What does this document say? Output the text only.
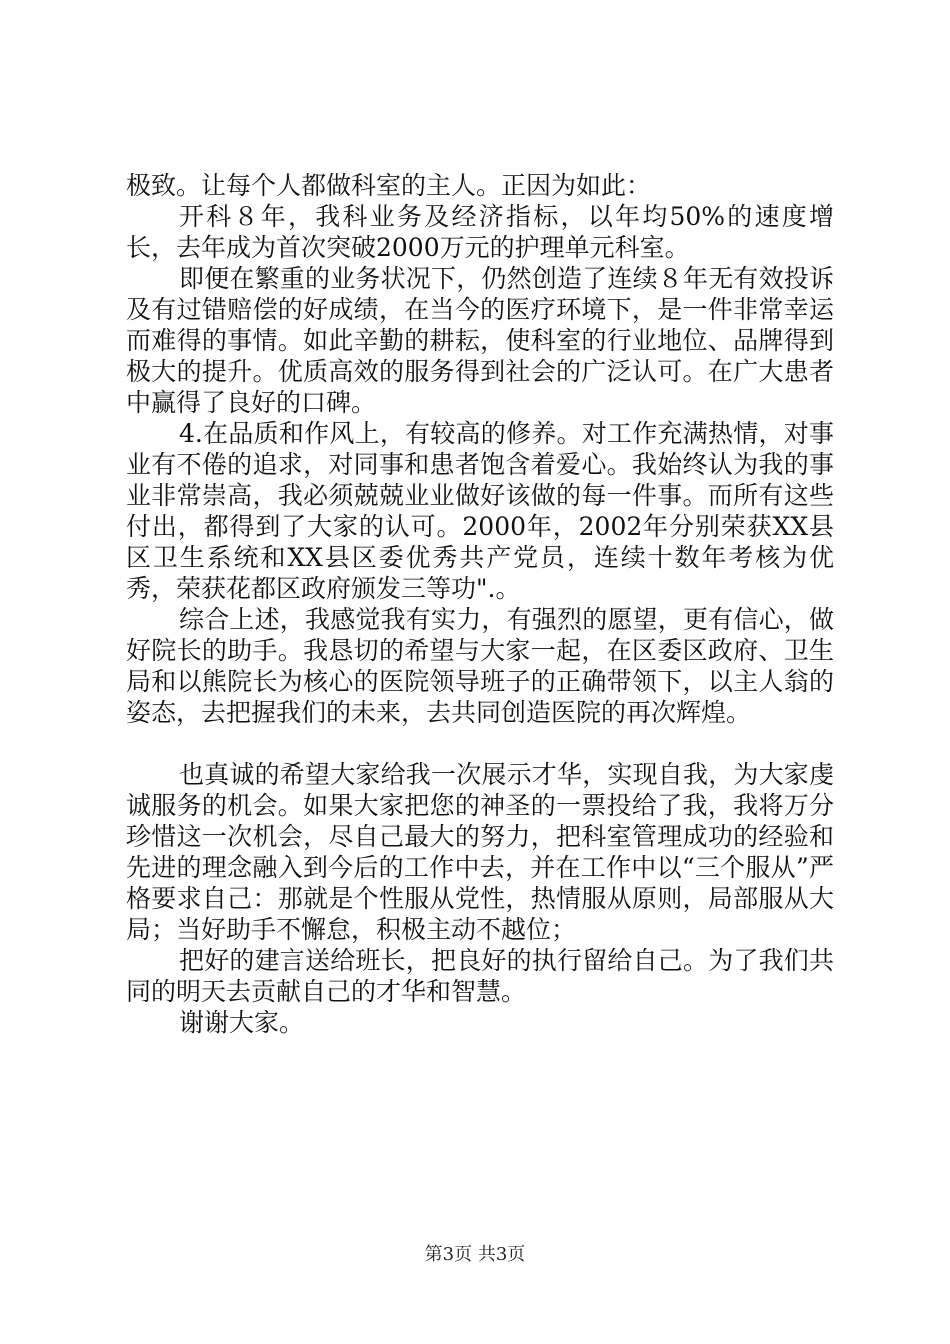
极致。让每个人都做科室的主人。正因为如此：

开科８年，我科业务及经济指标，以年均50%的速度增长，去年成为首次突破2000万元的护理单元科室。

即便在繁重的业务状况下，仍然创造了连续８年无有效投诉及有过错赔偿的好成绩，在当今的医疗环境下，是一件非常幸运而难得的事情。如此辛勤的耕耘，使科室的行业地位、品牌得到极大的提升。优质高效的服务得到社会的广泛认可。在广大患者中赢得了良好的口碑。

4.在品质和作风上，有较高的修养。对工作充满热情，对事业有不倦的追求，对同事和患者饱含着爱心。我始终认为我的事业非常崇高，我必须兢兢业业做好该做的每一件事。而所有这些付出，都得到了大家的认可。2000年，2002年分别荣获XX县区卫生系统和XX县区委优秀共产党员，连续十数年考核为优秀，荣获花都区政府颁发三等功".。

综合上述，我感觉我有实力，有强烈的愿望，更有信心，做好院长的助手。我恳切的希望与大家一起，在区委区政府、卫生局和以熊院长为核心的医院领导班子的正确带领下，以主人翁的姿态，去把握我们的未来，去共同创造医院的再次辉煌。

也真诚的希望大家给我一次展示才华，实现自我，为大家虔诚服务的机会。如果大家把您的神圣的一票投给了我，我将万分珍惜这一次机会，尽自己最大的努力，把科室管理成功的经验和先进的理念融入到今后的工作中去，并在工作中以“三个服从”严格要求自己：那就是个性服从党性，热情服从原则，局部服从大局；当好助手不懈怠，积极主动不越位；

把好的建言送给班长，把良好的执行留给自己。为了我们共同的明天去贡献自己的才华和智慧。

谢谢大家。

第3页 共3页
